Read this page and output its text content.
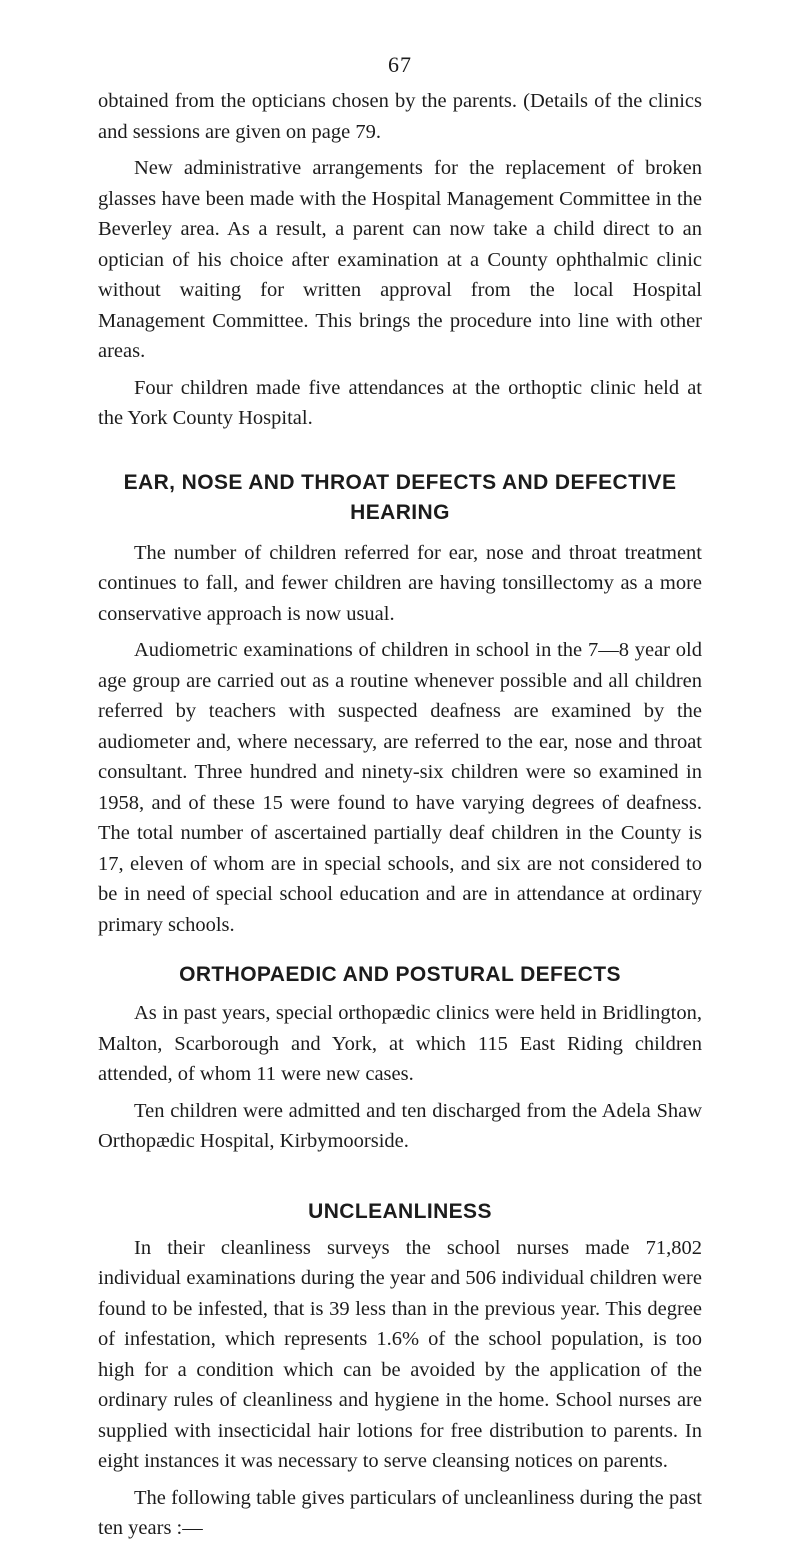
67

obtained from the opticians chosen by the parents. (Details of the clinics and sessions are given on page 79.

New administrative arrangements for the replacement of broken glasses have been made with the Hospital Management Committee in the Beverley area. As a result, a parent can now take a child direct to an optician of his choice after examination at a County ophthalmic clinic without waiting for written approval from the local Hospital Management Committee. This brings the procedure into line with other areas.

Four children made five attendances at the orthoptic clinic held at the York County Hospital.

EAR, NOSE AND THROAT DEFECTS AND DEFECTIVE HEARING

The number of children referred for ear, nose and throat treatment continues to fall, and fewer children are having tonsillectomy as a more conservative approach is now usual.

Audiometric examinations of children in school in the 7—8 year old age group are carried out as a routine whenever possible and all children referred by teachers with suspected deafness are examined by the audiometer and, where necessary, are referred to the ear, nose and throat consultant. Three hundred and ninety-six children were so examined in 1958, and of these 15 were found to have varying degrees of deafness. The total number of ascertained partially deaf children in the County is 17, eleven of whom are in special schools, and six are not considered to be in need of special school education and are in attendance at ordinary primary schools.

ORTHOPAEDIC AND POSTURAL DEFECTS

As in past years, special orthopædic clinics were held in Bridlington, Malton, Scarborough and York, at which 115 East Riding children attended, of whom 11 were new cases.

Ten children were admitted and ten discharged from the Adela Shaw Orthopædic Hospital, Kirbymoorside.

UNCLEANLINESS

In their cleanliness surveys the school nurses made 71,802 individual examinations during the year and 506 individual children were found to be infested, that is 39 less than in the previous year. This degree of infestation, which represents 1.6% of the school population, is too high for a condition which can be avoided by the application of the ordinary rules of cleanliness and hygiene in the home. School nurses are supplied with insecticidal hair lotions for free distribution to parents. In eight instances it was necessary to serve cleansing notices on parents.

The following table gives particulars of uncleanliness during the past ten years :—
